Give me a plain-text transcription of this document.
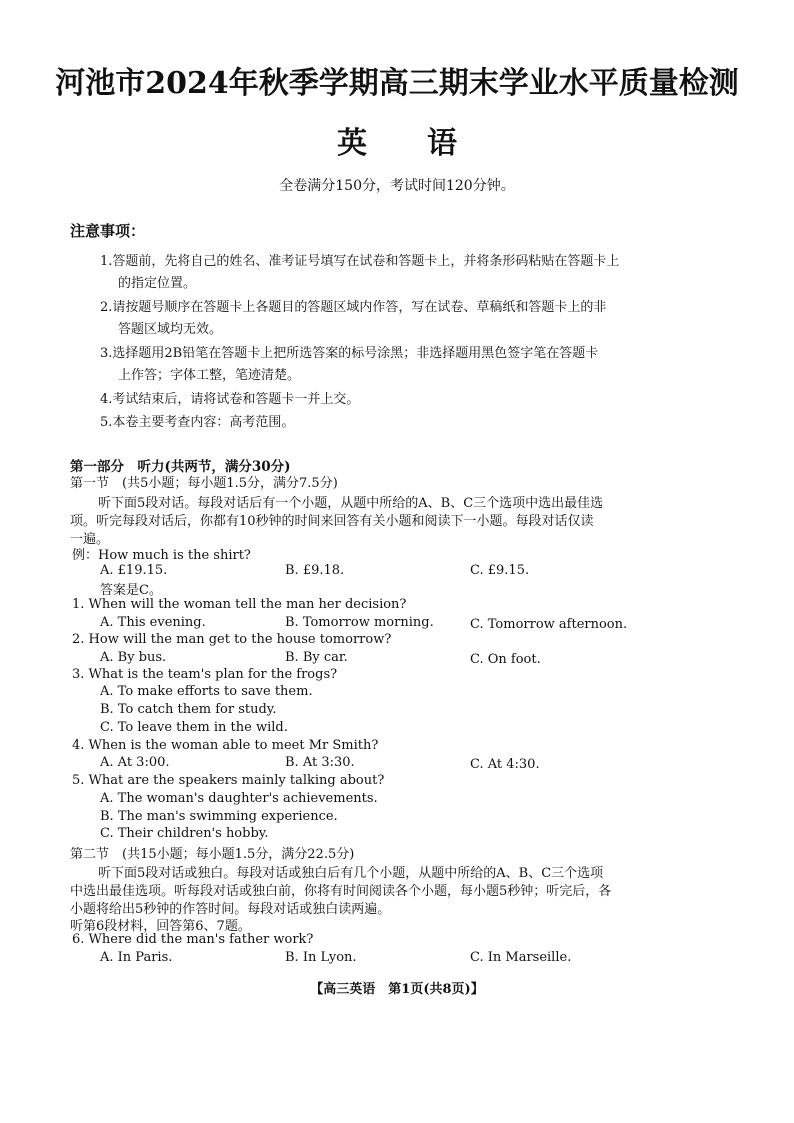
河池市2024年秋季学期高三期末学业水平质量检测
英语
全卷满分150分，考试时间120分钟。
注意事项：
1.答题前，先将自己的姓名、准考证号填写在试卷和答题卡上，并将条形码粘贴在答题卡上
的指定位置。
2.请按题号顺序在答题卡上各题目的答题区域内作答，写在试卷、草稿纸和答题卡上的非
答题区域均无效。
3.选择题用2B铅笔在答题卡上把所选答案的标号涂黑；非选择题用黑色签字笔在答题卡
上作答；字体工整，笔迹清楚。
4.考试结束后，请将试卷和答题卡一并上交。
5.本卷主要考查内容：高考范围。
第一部分　听力(共两节，满分30分)
第一节　(共5小题；每小题1.5分，满分7.5分)
听下面5段对话。每段对话后有一个小题，从题中所给的A、B、C三个选项中选出最佳选
项。听完每段对话后，你都有10秒钟的时间来回答有关小题和阅读下一小题。每段对话仅读
一遍。
例：How much is the shirt?
A. £19.15.	B. £9.18.	C. £9.15.
答案是C。
1. When will the woman tell the man her decision?
A. This evening.	B. Tomorrow morning.	C. Tomorrow afternoon.
2. How will the man get to the house tomorrow?
A. By bus.	B. By car.	C. On foot.
3. What is the team's plan for the frogs?
A. To make efforts to save them.
B. To catch them for study.
C. To leave them in the wild.
4. When is the woman able to meet Mr Smith?
A. At 3:00.	B. At 3:30.	C. At 4:30.
5. What are the speakers mainly talking about?
A. The woman's daughter's achievements.
B. The man's swimming experience.
C. Their children's hobby.
第二节　(共15小题；每小题1.5分，满分22.5分)
听下面5段对话或独白。每段对话或独白后有几个小题，从题中所给的A、B、C三个选项
中选出最佳选项。听每段对话或独白前，你将有时间阅读各个小题，每小题5秒钟；听完后，各
小题将给出5秒钟的作答时间。每段对话或独白读两遍。
听第6段材料，回答第6、7题。
6. Where did the man's father work?
A. In Paris.	B. In Lyon.	C. In Marseille.
【高三英语　第1页(共8页)】
